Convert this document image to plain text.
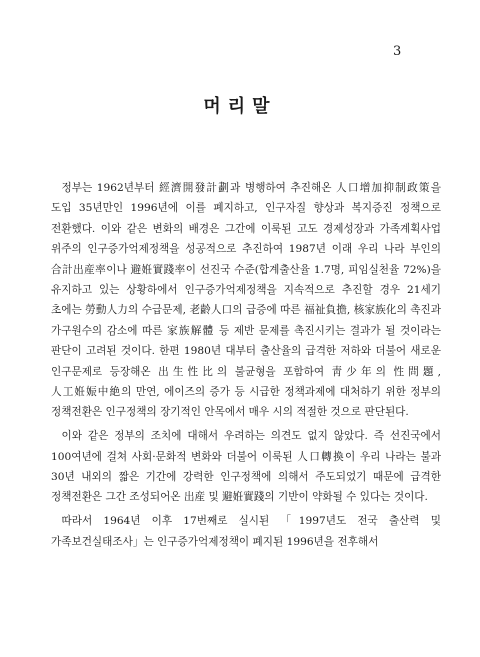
3
머리말

정부는 1962년부터 經濟開發計劃과 병행하여 추진해온 人口增加抑制政策을 도입 35년만인 1996년에 이를 폐지하고, 인구자질 향상과 복지증진 정책으로 전환했다. 이와 같은 변화의 배경은 그간에 이룩된 고도 경제성장과 가족계획사업 위주의 인구증가억제정책을 성공적으로 추진하여 1987년 이래 우리 나라 부인의 合計出産率이나 避姙實踐率이 선진국 수준(합계출산율 1.7명, 피임실천율 72%)을 유지하고 있는 상황하에서 인구증가억제정책을 지속적으로 추진할 경우 21세기 초에는 勞動人力의 수급문제, 老齡人口의 급증에 따른 福祉負擔, 核家族化의 촉진과 가구원수의 감소에 따른 家族解體 등 제반 문제를 촉진시키는 결과가 될 것이라는 판단이 고려된 것이다. 한편 1980년 대부터 출산율의 급격한 저하와 더불어 새로운 인구문제로 등장해온 出生性比의 불균형을 포함하여 靑少年의 性問題, 人工姙娠中絶의 만연, 에이즈의 증가 등 시급한 정책과제에 대처하기 위한 정부의 정책전환은 인구정책의 장기적인 안목에서 매우 시의 적절한 것으로 판단된다.

이와 같은 정부의 조치에 대해서 우려하는 의견도 없지 않았다. 즉 선진국에서 100여년에 걸쳐 사회·문화적 변화와 더불어 이룩된 人口轉換이 우리 나라는 불과 30년 내외의 짧은 기간에 강력한 인구정책에 의해서 주도되었기 때문에 급격한 정책전환은 그간 조성되어온 出産 및 避姙實踐의 기반이 약화될 수 있다는 것이다.

따라서 1964년 이후 17번째로 실시된 「1997년도 전국 출산력 및 가족보건실태조사」는 인구증가억제정책이 폐지된 1996년을 전후해서
